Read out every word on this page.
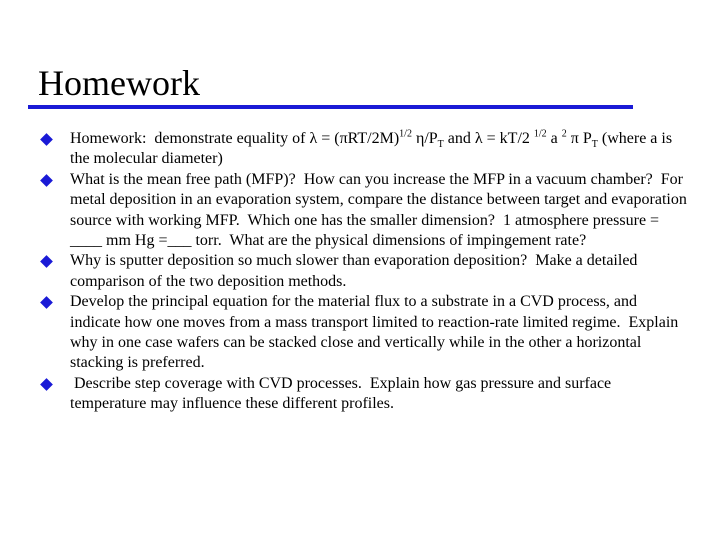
Homework
Homework:  demonstrate equality of $\lambda = (\pi RT/2M)^{1/2}$ $\eta/P_T$ and λ = kT/2 $^{1/2}$ a $^2$ π $P_T$ (where a is the molecular diameter)
What is the mean free path (MFP)?  How can you increase the MFP in a vacuum chamber?  For metal deposition in an evaporation system, compare the distance between target and evaporation source with working MFP.  Which one has the smaller dimension?  1 atmosphere pressure = ____ mm Hg =___ torr.  What are the physical dimensions of impingement rate?
Why is sputter deposition so much slower than evaporation deposition?  Make a detailed comparison of the two deposition methods.
Develop the principal equation for the material flux to a substrate in a CVD process, and indicate how one moves from a mass transport limited to reaction-rate limited regime.  Explain why in one case wafers can be stacked close and vertically while in the other a horizontal stacking is preferred.
Describe step coverage with CVD processes.  Explain how gas pressure and surface temperature may influence these different profiles.
